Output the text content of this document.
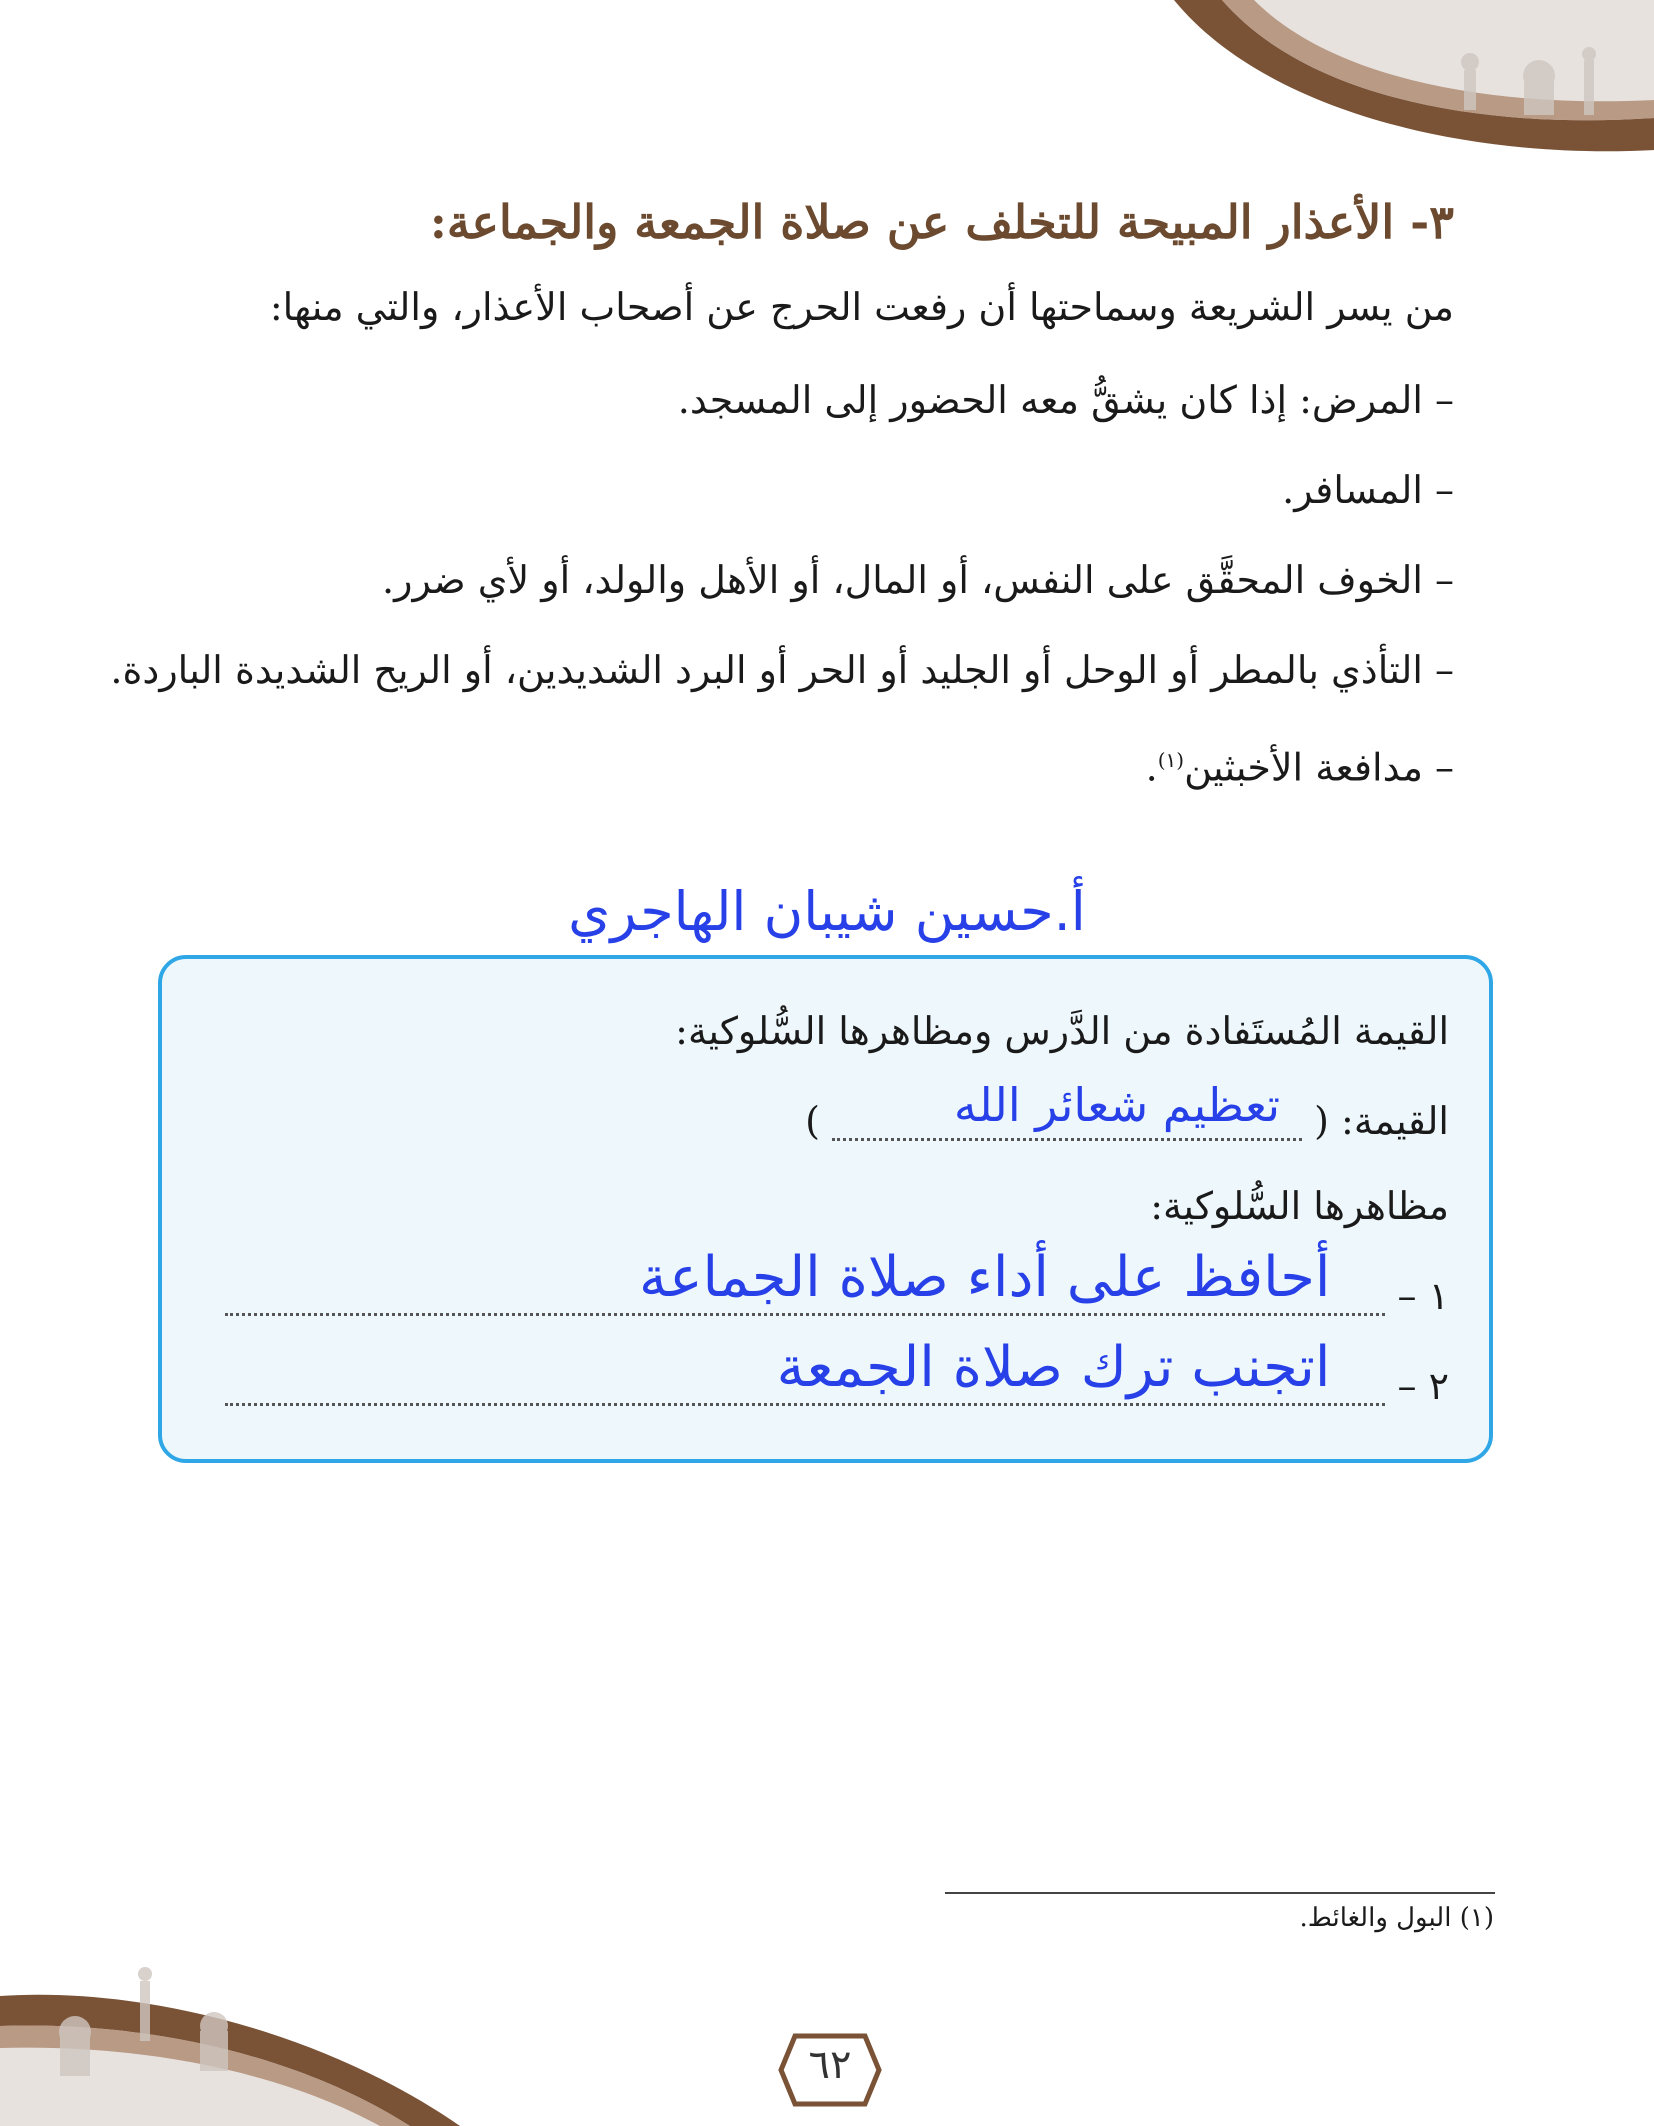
٣- الأعذار المبيحة للتخلف عن صلاة الجمعة والجماعة:

من يسر الشريعة وسماحتها أن رفعت الحرج عن أصحاب الأعذار، والتي منها:

– المرض: إذا كان يشقُّ معه الحضور إلى المسجد.
– المسافر.
– الخوف المحقَّق على النفس، أو المال، أو الأهل والولد، أو لأي ضرر.
– التأذي بالمطر أو الوحل أو الجليد أو الحر أو البرد الشديدين، أو الريح الشديدة الباردة.
– مدافعة الأخبثين$^{(١)}$.
أ.حسين شيبان الهاجري
القيمة المُستَفادة من الدَّرس ومظاهرها السُّلوكية:
القيمة: (
تعظيم شعائر الله
)
مظاهرها السُّلوكية:
١ –
أحافظ على أداء صلاة الجماعة
٢ –
اتجنب ترك صلاة الجمعة
(١) البول والغائط.
٦٢
